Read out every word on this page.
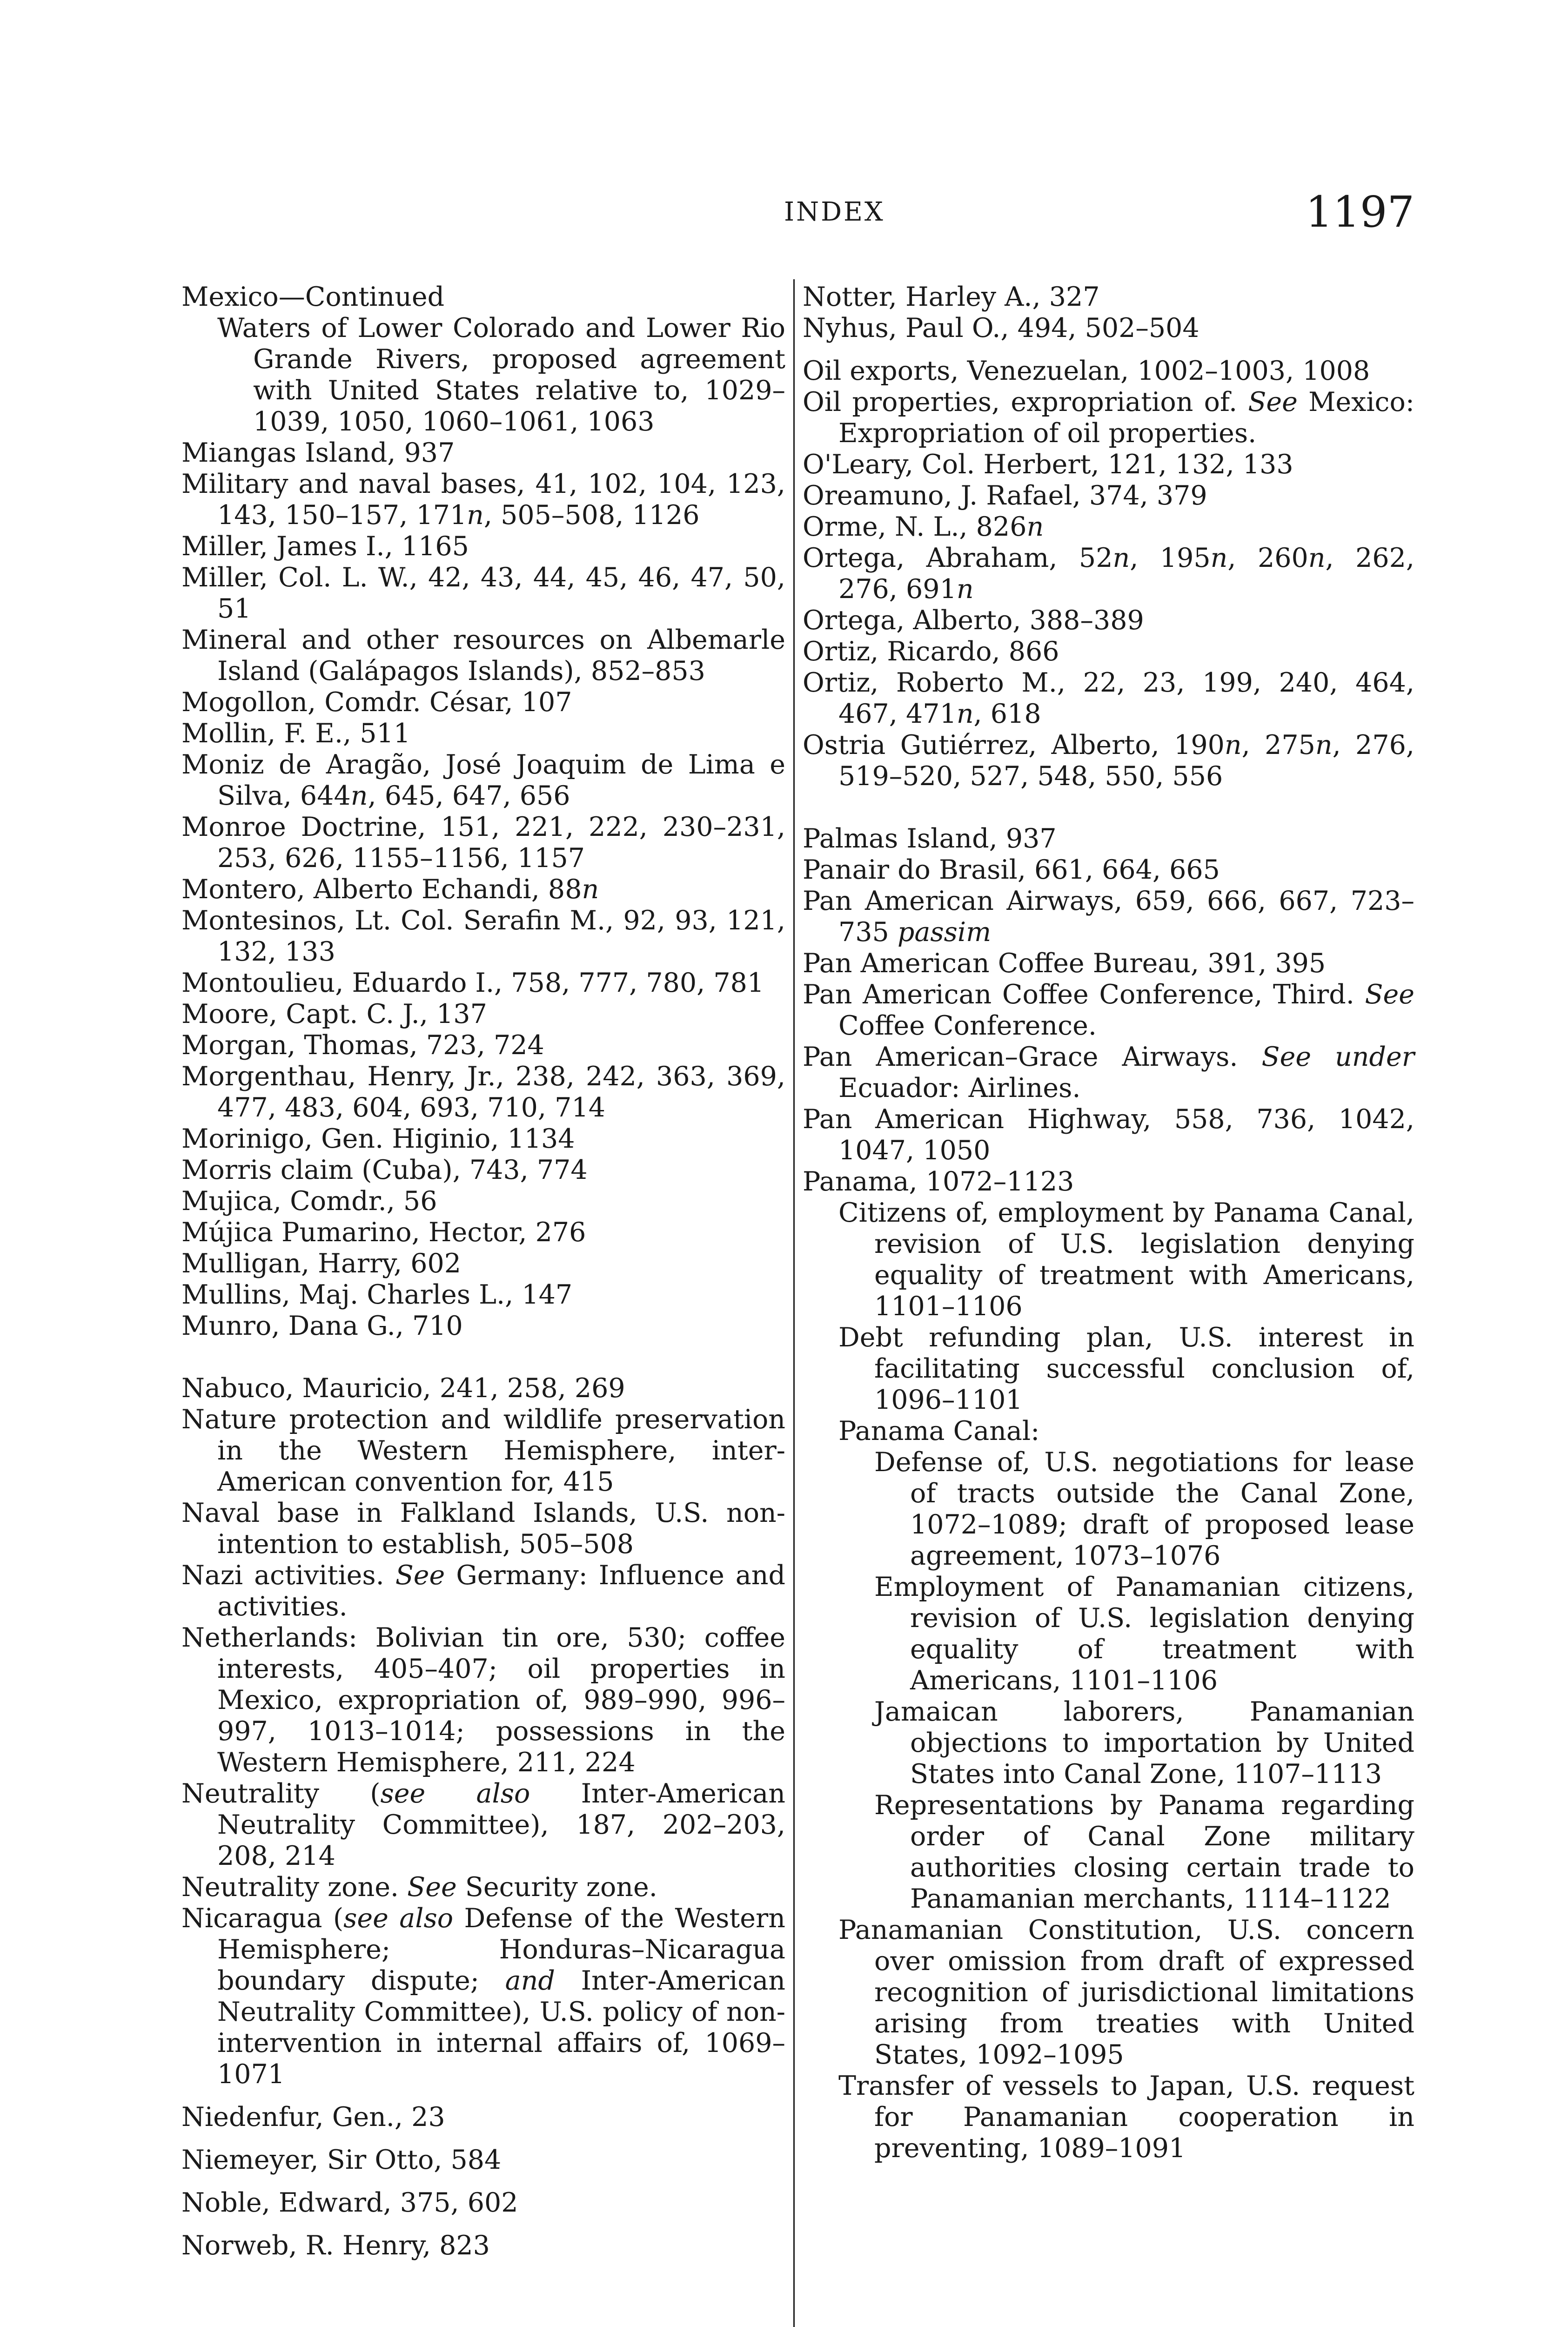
INDEX	1197

Mexico—Continued

Waters of Lower Colorado and Lower Rio Grande Rivers, proposed agreement with United States relative to, 1029–1039, 1050, 1060–1061, 1063

Miangas Island, 937

Military and naval bases, 41, 102, 104, 123, 143, 150–157, 171n, 505–508, 1126

Miller, James I., 1165

Miller, Col. L. W., 42, 43, 44, 45, 46, 47, 50, 51

Mineral and other resources on Albemarle Island (Galápagos Islands), 852–853

Mogollon, Comdr. César, 107

Mollin, F. E., 511

Moniz de Aragão, José Joaquim de Lima e Silva, 644n, 645, 647, 656

Monroe Doctrine, 151, 221, 222, 230–231, 253, 626, 1155–1156, 1157

Montero, Alberto Echandi, 88n

Montesinos, Lt. Col. Serafin M., 92, 93, 121, 132, 133

Montoulieu, Eduardo I., 758, 777, 780, 781

Moore, Capt. C. J., 137

Morgan, Thomas, 723, 724

Morgenthau, Henry, Jr., 238, 242, 363, 369, 477, 483, 604, 693, 710, 714

Morinigo, Gen. Higinio, 1134

Morris claim (Cuba), 743, 774

Mujica, Comdr., 56

Mújica Pumarino, Hector, 276

Mulligan, Harry, 602

Mullins, Maj. Charles L., 147

Munro, Dana G., 710

Nabuco, Mauricio, 241, 258, 269

Nature protection and wildlife preservation in the Western Hemisphere, inter-American convention for, 415

Naval base in Falkland Islands, U.S. non-intention to establish, 505–508

Nazi activities. See Germany: Influence and activities.

Netherlands: Bolivian tin ore, 530; coffee interests, 405–407; oil properties in Mexico, expropriation of, 989–990, 996–997, 1013–1014; possessions in the Western Hemisphere, 211, 224

Neutrality (see also Inter-American Neutrality Committee), 187, 202–203, 208, 214

Neutrality zone. See Security zone.

Nicaragua (see also Defense of the Western Hemisphere; Honduras–Nicaragua boundary dispute; and Inter-American Neutrality Committee), U.S. policy of non-intervention in internal affairs of, 1069–1071

Niedenfur, Gen., 23

Niemeyer, Sir Otto, 584

Noble, Edward, 375, 602

Norweb, R. Henry, 823

Notter, Harley A., 327

Nyhus, Paul O., 494, 502–504

Oil exports, Venezuelan, 1002–1003, 1008

Oil properties, expropriation of. See Mexico: Expropriation of oil properties.

O'Leary, Col. Herbert, 121, 132, 133

Oreamuno, J. Rafael, 374, 379

Orme, N. L., 826n

Ortega, Abraham, 52n, 195n, 260n, 262, 276, 691n

Ortega, Alberto, 388–389

Ortiz, Ricardo, 866

Ortiz, Roberto M., 22, 23, 199, 240, 464, 467, 471n, 618

Ostria Gutiérrez, Alberto, 190n, 275n, 276, 519–520, 527, 548, 550, 556

Palmas Island, 937

Panair do Brasil, 661, 664, 665

Pan American Airways, 659, 666, 667, 723–735 passim

Pan American Coffee Bureau, 391, 395

Pan American Coffee Conference, Third. See Coffee Conference.

Pan American–Grace Airways. See under Ecuador: Airlines.

Pan American Highway, 558, 736, 1042, 1047, 1050

Panama, 1072–1123

Citizens of, employment by Panama Canal, revision of U.S. legislation denying equality of treatment with Americans, 1101–1106

Debt refunding plan, U.S. interest in facilitating successful conclusion of, 1096–1101

Panama Canal:

Defense of, U.S. negotiations for lease of tracts outside the Canal Zone, 1072–1089; draft of proposed lease agreement, 1073–1076

Employment of Panamanian citizens, revision of U.S. legislation denying equality of treatment with Americans, 1101–1106

Jamaican laborers, Panamanian objections to importation by United States into Canal Zone, 1107–1113

Representations by Panama regarding order of Canal Zone military authorities closing certain trade to Panamanian merchants, 1114–1122

Panamanian Constitution, U.S. concern over omission from draft of expressed recognition of jurisdictional limitations arising from treaties with United States, 1092–1095

Transfer of vessels to Japan, U.S. request for Panamanian cooperation in preventing, 1089–1091
